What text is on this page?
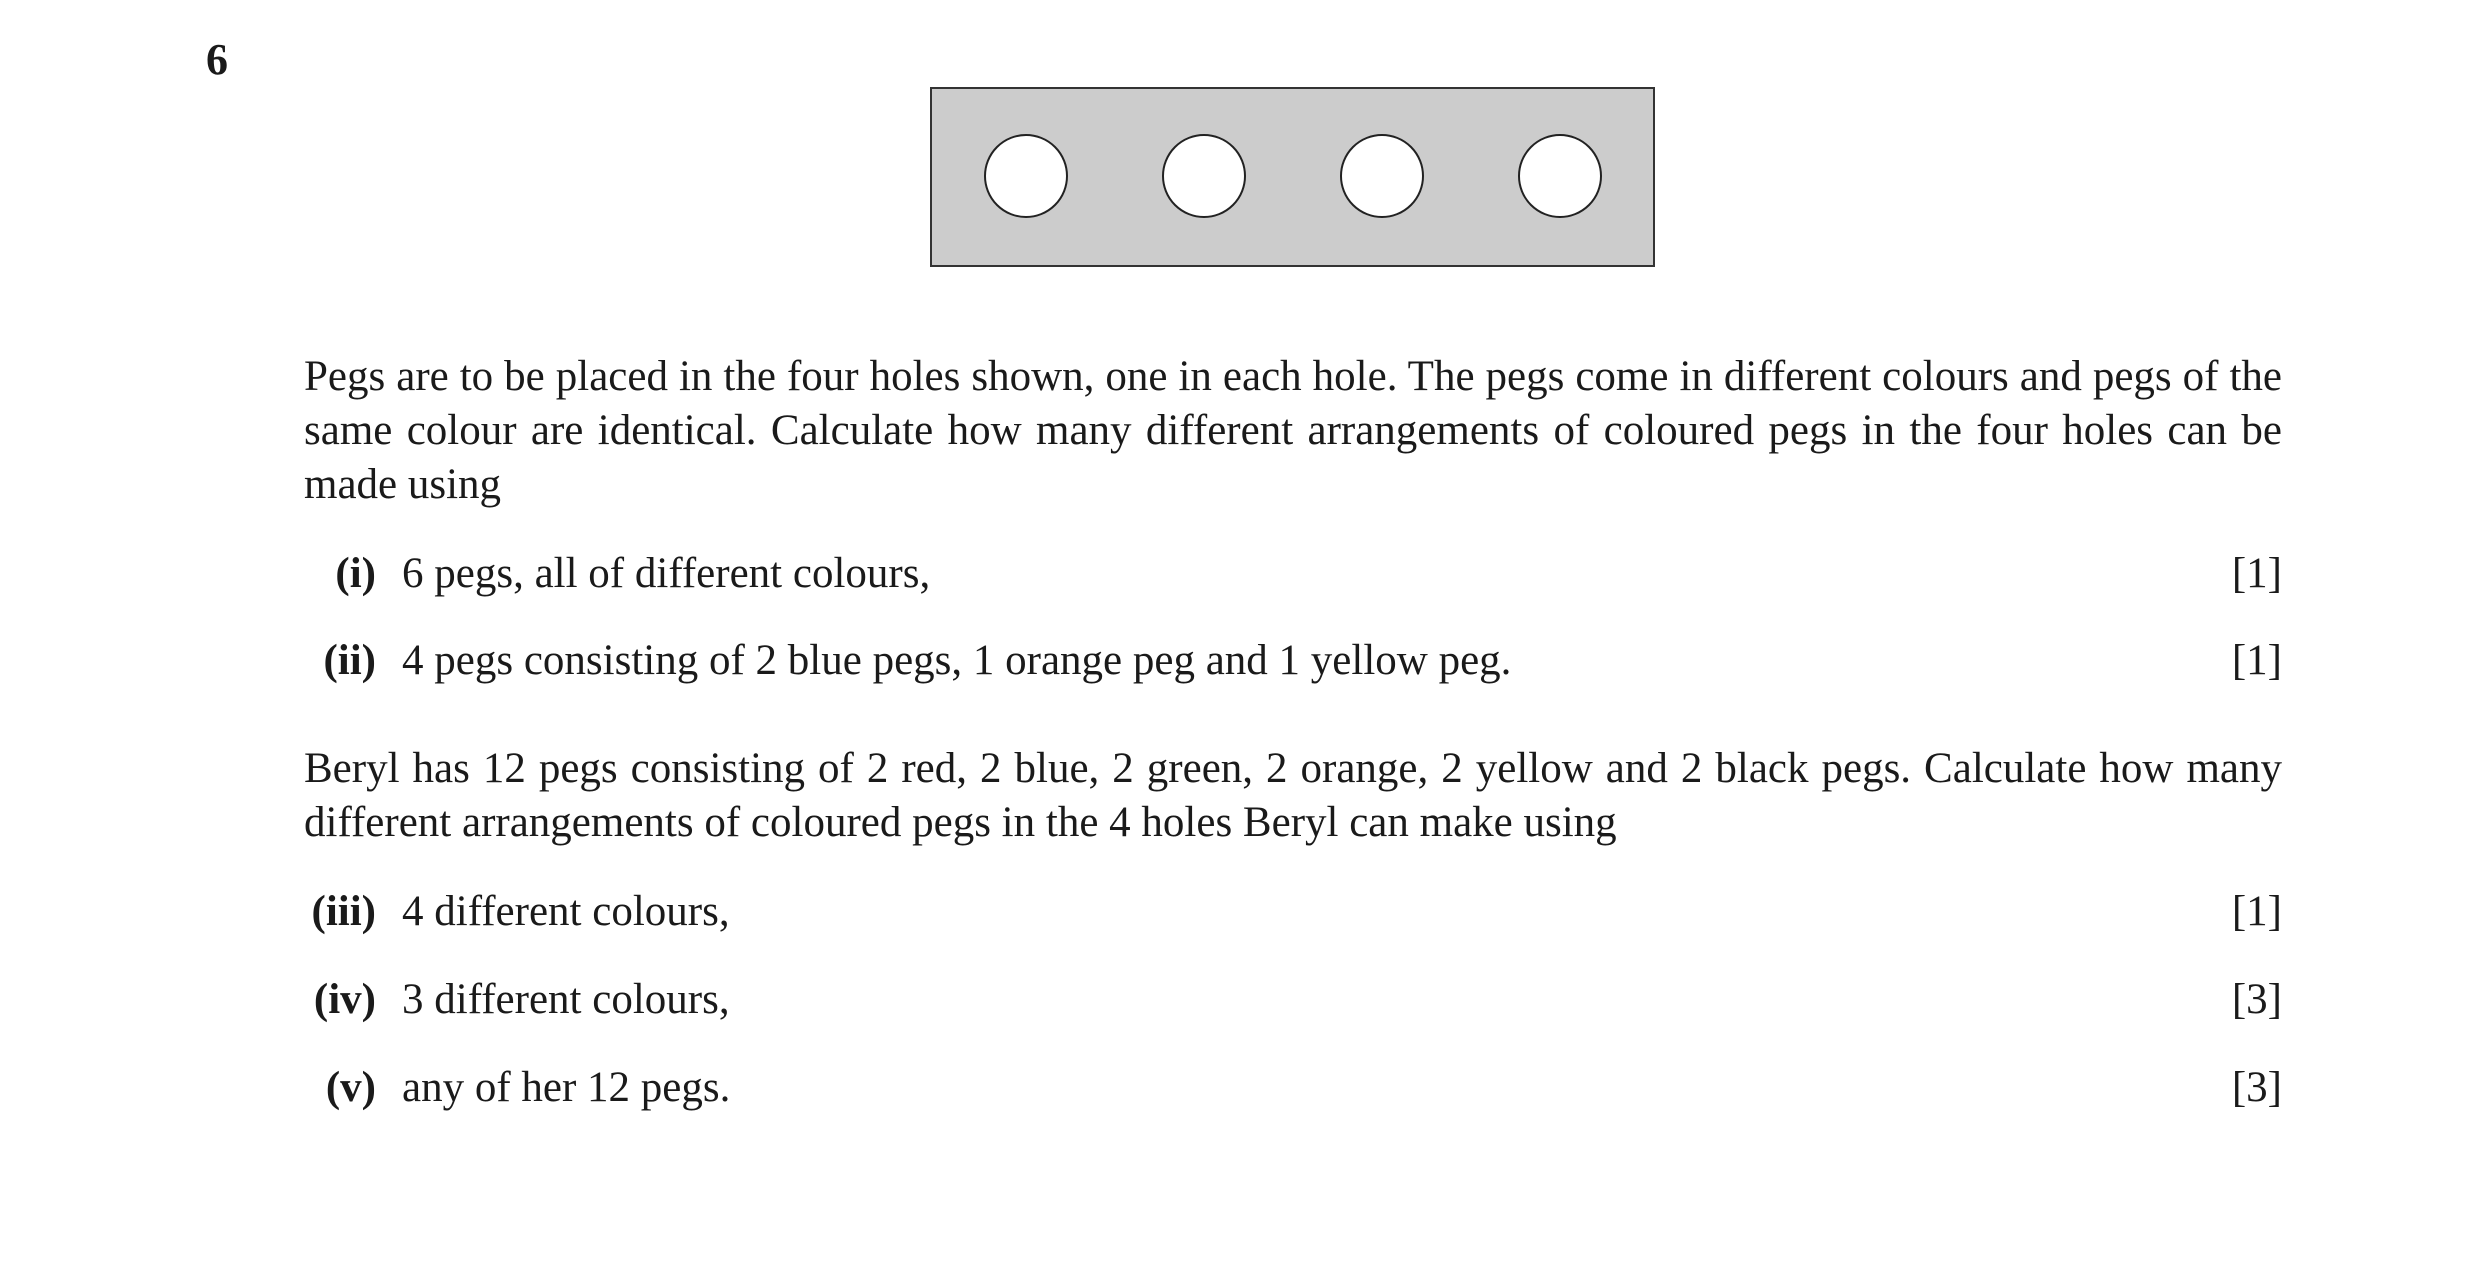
6
Pegs are to be placed in the four holes shown, one in each hole. The pegs come in different colours and pegs of the same colour are identical. Calculate how many different arrangements of coloured pegs in the four holes can be made using
(i) 6 pegs, all of different colours,	[1]
(ii) 4 pegs consisting of 2 blue pegs, 1 orange peg and 1 yellow peg.	[1]
Beryl has 12 pegs consisting of 2 red, 2 blue, 2 green, 2 orange, 2 yellow and 2 black pegs. Calculate how many different arrangements of coloured pegs in the 4 holes Beryl can make using
(iii) 4 different colours,	[1]
(iv) 3 different colours,	[3]
(v) any of her 12 pegs.	[3]
